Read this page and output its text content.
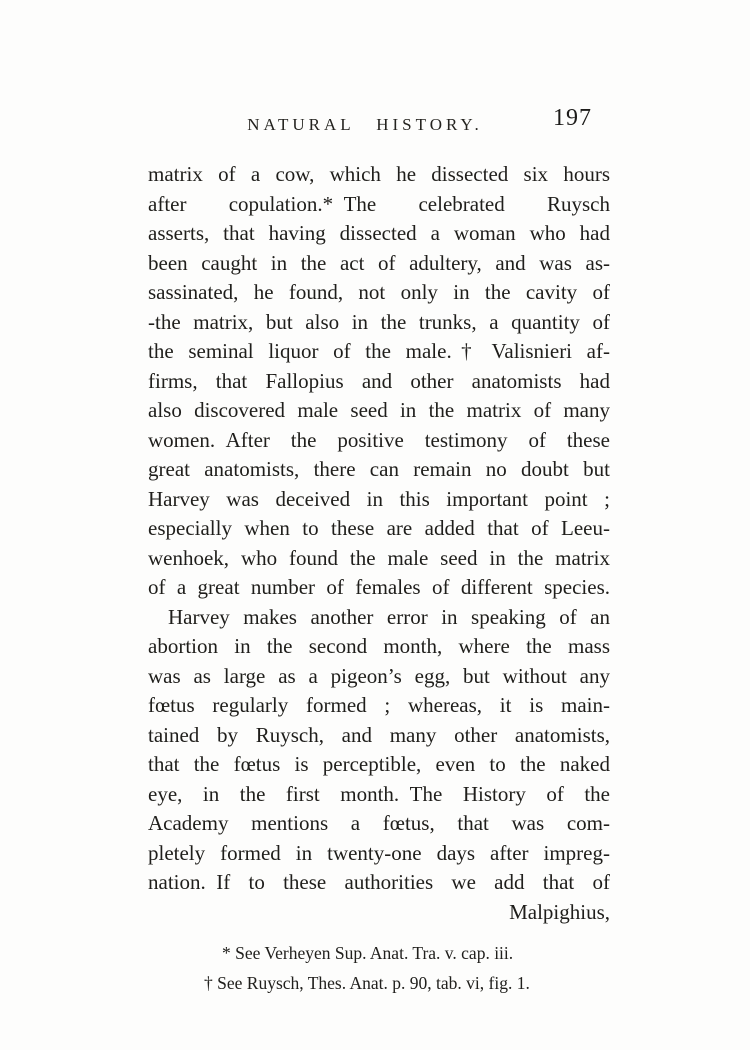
NATURAL HISTORY.	197
matrix of a cow, which he dissected six hours
after copulation.* The celebrated Ruysch
asserts, that having dissected a woman who had
been caught in the act of adultery, and was as-
sassinated, he found, not only in the cavity of
-the matrix, but also in the trunks, a quantity of
the seminal liquor of the male.† Valisnieri af-
firms, that Fallopius and other anatomists had
also discovered male seed in the matrix of many
women. After the positive testimony of these
great anatomists, there can remain no doubt but
Harvey was deceived in this important point ;
especially when to these are added that of Leeu-
wenhoek, who found the male seed in the matrix
of a great number of females of different species.
Harvey makes another error in speaking of an
abortion in the second month, where the mass
was as large as a pigeon’s egg, but without any
fœtus regularly formed ; whereas, it is main-
tained by Ruysch, and many other anatomists,
that the fœtus is perceptible, even to the naked
eye, in the first month. The History of the
Academy mentions a fœtus, that was com-
pletely formed in twenty-one days after impreg-
nation. If to these authorities we add that of
Malpighius,
* See Verheyen Sup. Anat. Tra. v. cap. iii.
† See Ruysch, Thes. Anat. p. 90, tab. vi, fig. 1.
